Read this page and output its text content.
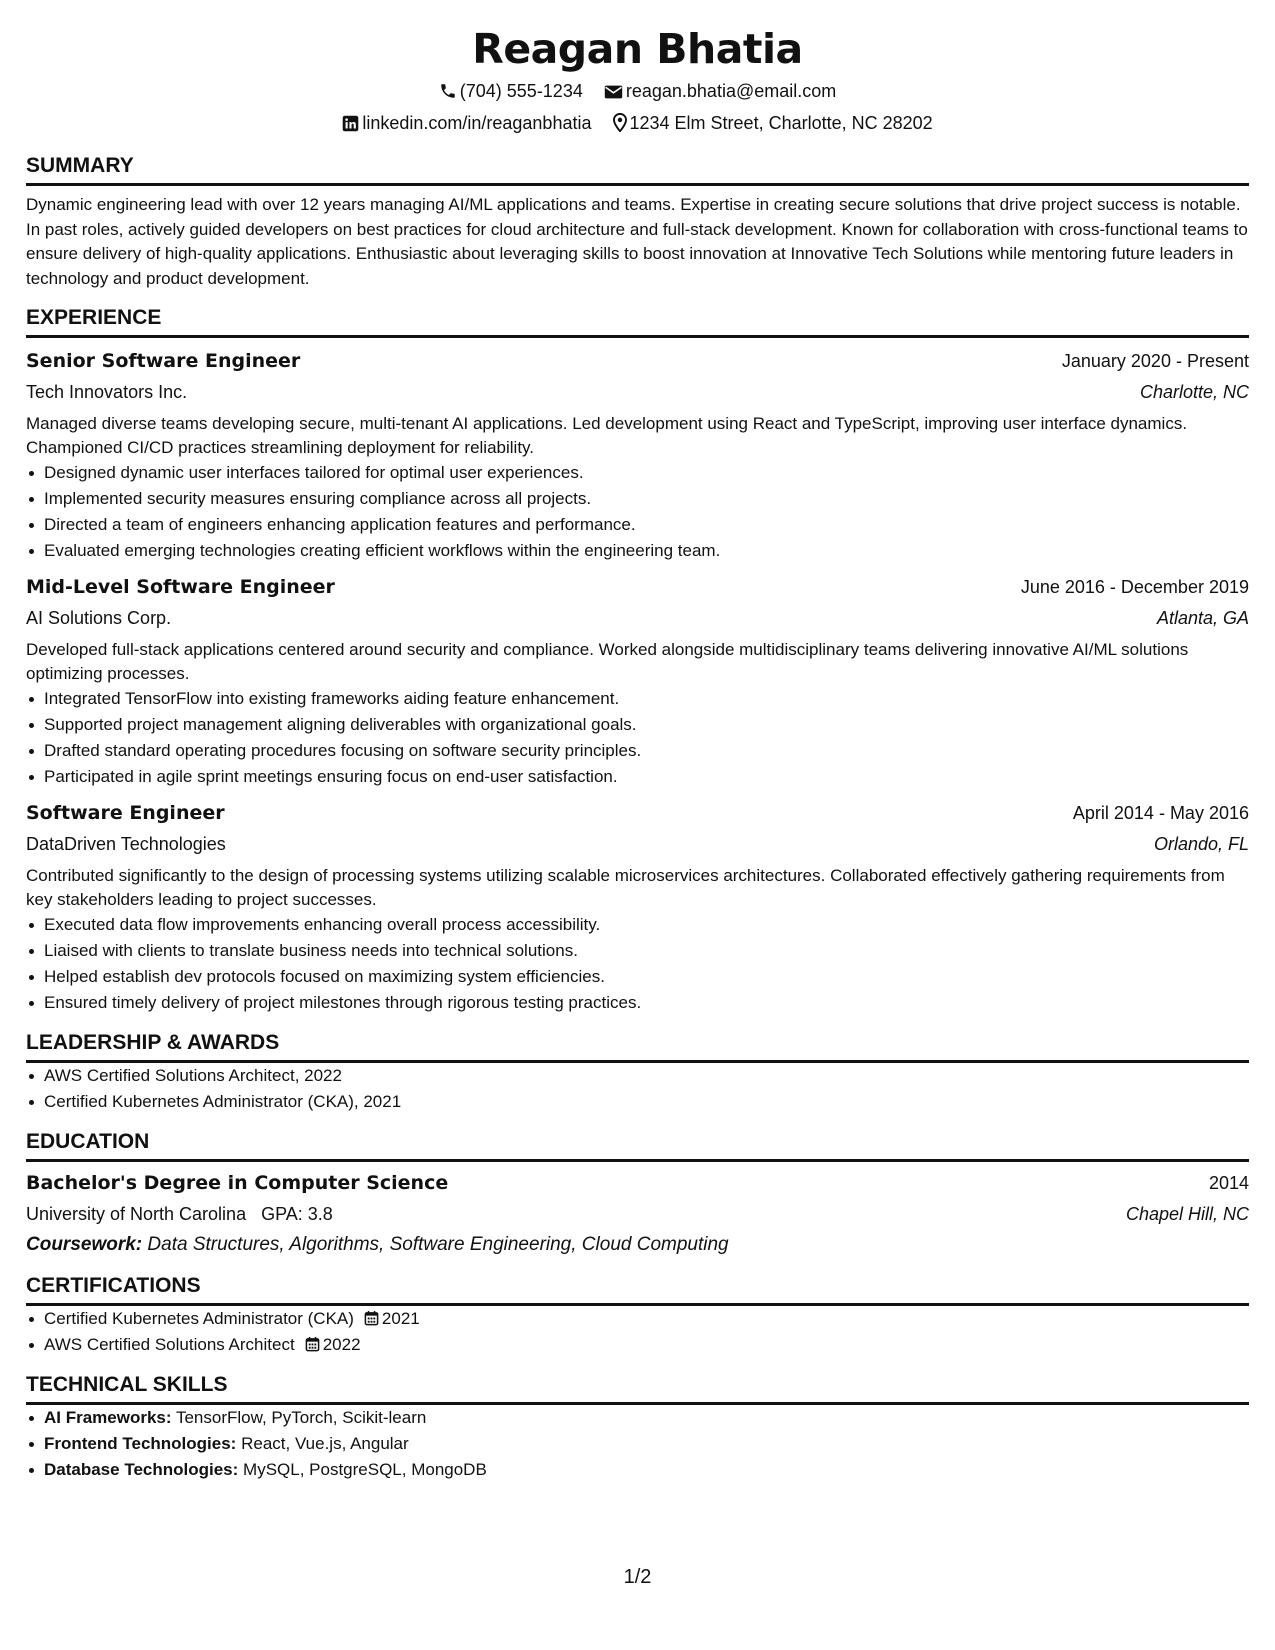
Reagan Bhatia
(704) 555-1234 reagan.bhatia@email.com
linkedin.com/in/reaganbhatia 1234 Elm Street, Charlotte, NC 28202
SUMMARY

Dynamic engineering lead with over 12 years managing AI/ML applications and teams. Expertise in creating secure solutions that drive project success is notable. In past roles, actively guided developers on best practices for cloud architecture and full-stack development. Known for collaboration with cross-functional teams to ensure delivery of high-quality applications. Enthusiastic about leveraging skills to boost innovation at Innovative Tech Solutions while mentoring future leaders in technology and product development.

EXPERIENCE
Senior Software Engineer	January 2020 - Present
Tech Innovators Inc.	Charlotte, NC

Managed diverse teams developing secure, multi-tenant AI applications. Led development using React and TypeScript, improving user interface dynamics. Championed CI/CD practices streamlining deployment for reliability.

Designed dynamic user interfaces tailored for optimal user experiences.
Implemented security measures ensuring compliance across all projects.
Directed a team of engineers enhancing application features and performance.
Evaluated emerging technologies creating efficient workflows within the engineering team.
Mid-Level Software Engineer	June 2016 - December 2019
AI Solutions Corp.	Atlanta, GA

Developed full-stack applications centered around security and compliance. Worked alongside multidisciplinary teams delivering innovative AI/ML solutions optimizing processes.

Integrated TensorFlow into existing frameworks aiding feature enhancement.
Supported project management aligning deliverables with organizational goals.
Drafted standard operating procedures focusing on software security principles.
Participated in agile sprint meetings ensuring focus on end-user satisfaction.
Software Engineer	April 2014 - May 2016
DataDriven Technologies	Orlando, FL

Contributed significantly to the design of processing systems utilizing scalable microservices architectures. Collaborated effectively gathering requirements from key stakeholders leading to project successes.

Executed data flow improvements enhancing overall process accessibility.
Liaised with clients to translate business needs into technical solutions.
Helped establish dev protocols focused on maximizing system efficiencies.
Ensured timely delivery of project milestones through rigorous testing practices.
LEADERSHIP & AWARDS
AWS Certified Solutions Architect, 2022
Certified Kubernetes Administrator (CKA), 2021
EDUCATION
Bachelor's Degree in Computer Science	2014
University of North Carolina GPA: 3.8	Chapel Hill, NC
Coursework: Data Structures, Algorithms, Software Engineering, Cloud Computing
CERTIFICATIONS
Certified Kubernetes Administrator (CKA) 2021
AWS Certified Solutions Architect 2022
TECHNICAL SKILLS
AI Frameworks: TensorFlow, PyTorch, Scikit-learn
Frontend Technologies: React, Vue.js, Angular
Database Technologies: MySQL, PostgreSQL, MongoDB
1/2
